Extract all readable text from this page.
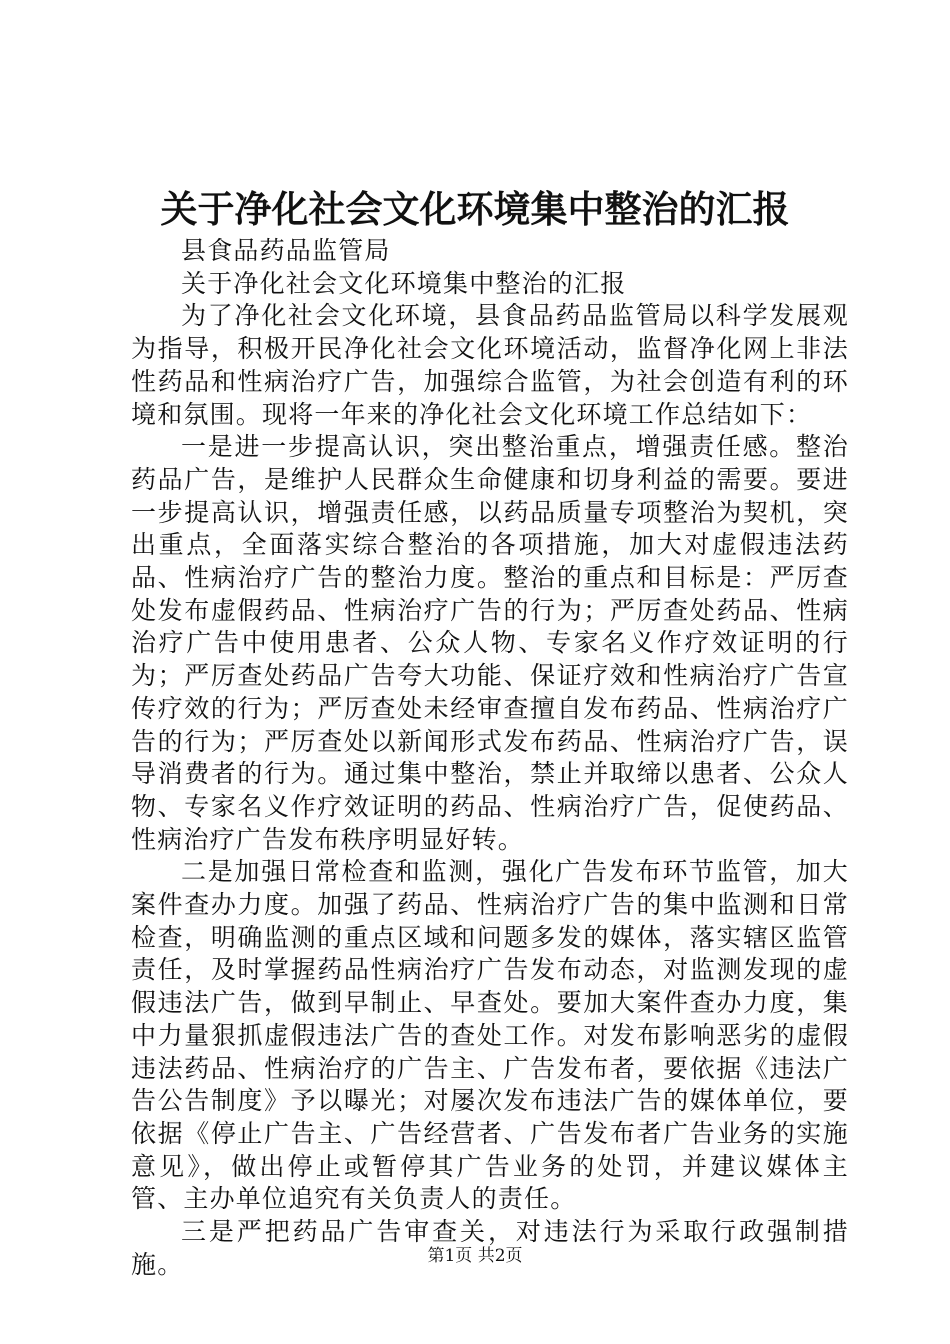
关于净化社会文化环境集中整治的汇报

县食品药品监管局

关于净化社会文化环境集中整治的汇报

为了净化社会文化环境，县食品药品监管局以科学发展观为指导，积极开民净化社会文化环境活动，监督净化网上非法性药品和性病治疗广告，加强综合监管，为社会创造有利的环境和氛围。现将一年来的净化社会文化环境工作总结如下：

一是进一步提高认识，突出整治重点，增强责任感。整治药品广告，是维护人民群众生命健康和切身利益的需要。要进一步提高认识，增强责任感，以药品质量专项整治为契机，突出重点，全面落实综合整治的各项措施，加大对虚假违法药品、性病治疗广告的整治力度。整治的重点和目标是：严厉查处发布虚假药品、性病治疗广告的行为；严厉查处药品、性病治疗广告中使用患者、公众人物、专家名义作疗效证明的行为；严厉查处药品广告夸大功能、保证疗效和性病治疗广告宣传疗效的行为；严厉查处未经审查擅自发布药品、性病治疗广告的行为；严厉查处以新闻形式发布药品、性病治疗广告，误导消费者的行为。通过集中整治，禁止并取缔以患者、公众人物、专家名义作疗效证明的药品、性病治疗广告，促使药品、性病治疗广告发布秩序明显好转。

二是加强日常检查和监测，强化广告发布环节监管，加大案件查办力度。加强了药品、性病治疗广告的集中监测和日常检查，明确监测的重点区域和问题多发的媒体，落实辖区监管责任，及时掌握药品性病治疗广告发布动态，对监测发现的虚假违法广告，做到早制止、早查处。要加大案件查办力度，集中力量狠抓虚假违法广告的查处工作。对发布影响恶劣的虚假违法药品、性病治疗的广告主、广告发布者，要依据《违法广告公告制度》予以曝光；对屡次发布违法广告的媒体单位，要依据《停止广告主、广告经营者、广告发布者广告业务的实施意见》，做出停止或暂停其广告业务的处罚，并建议媒体主管、主办单位追究有关负责人的责任。

三是严把药品广告审查关，对违法行为采取行政强制措施。	第1页 共2页
